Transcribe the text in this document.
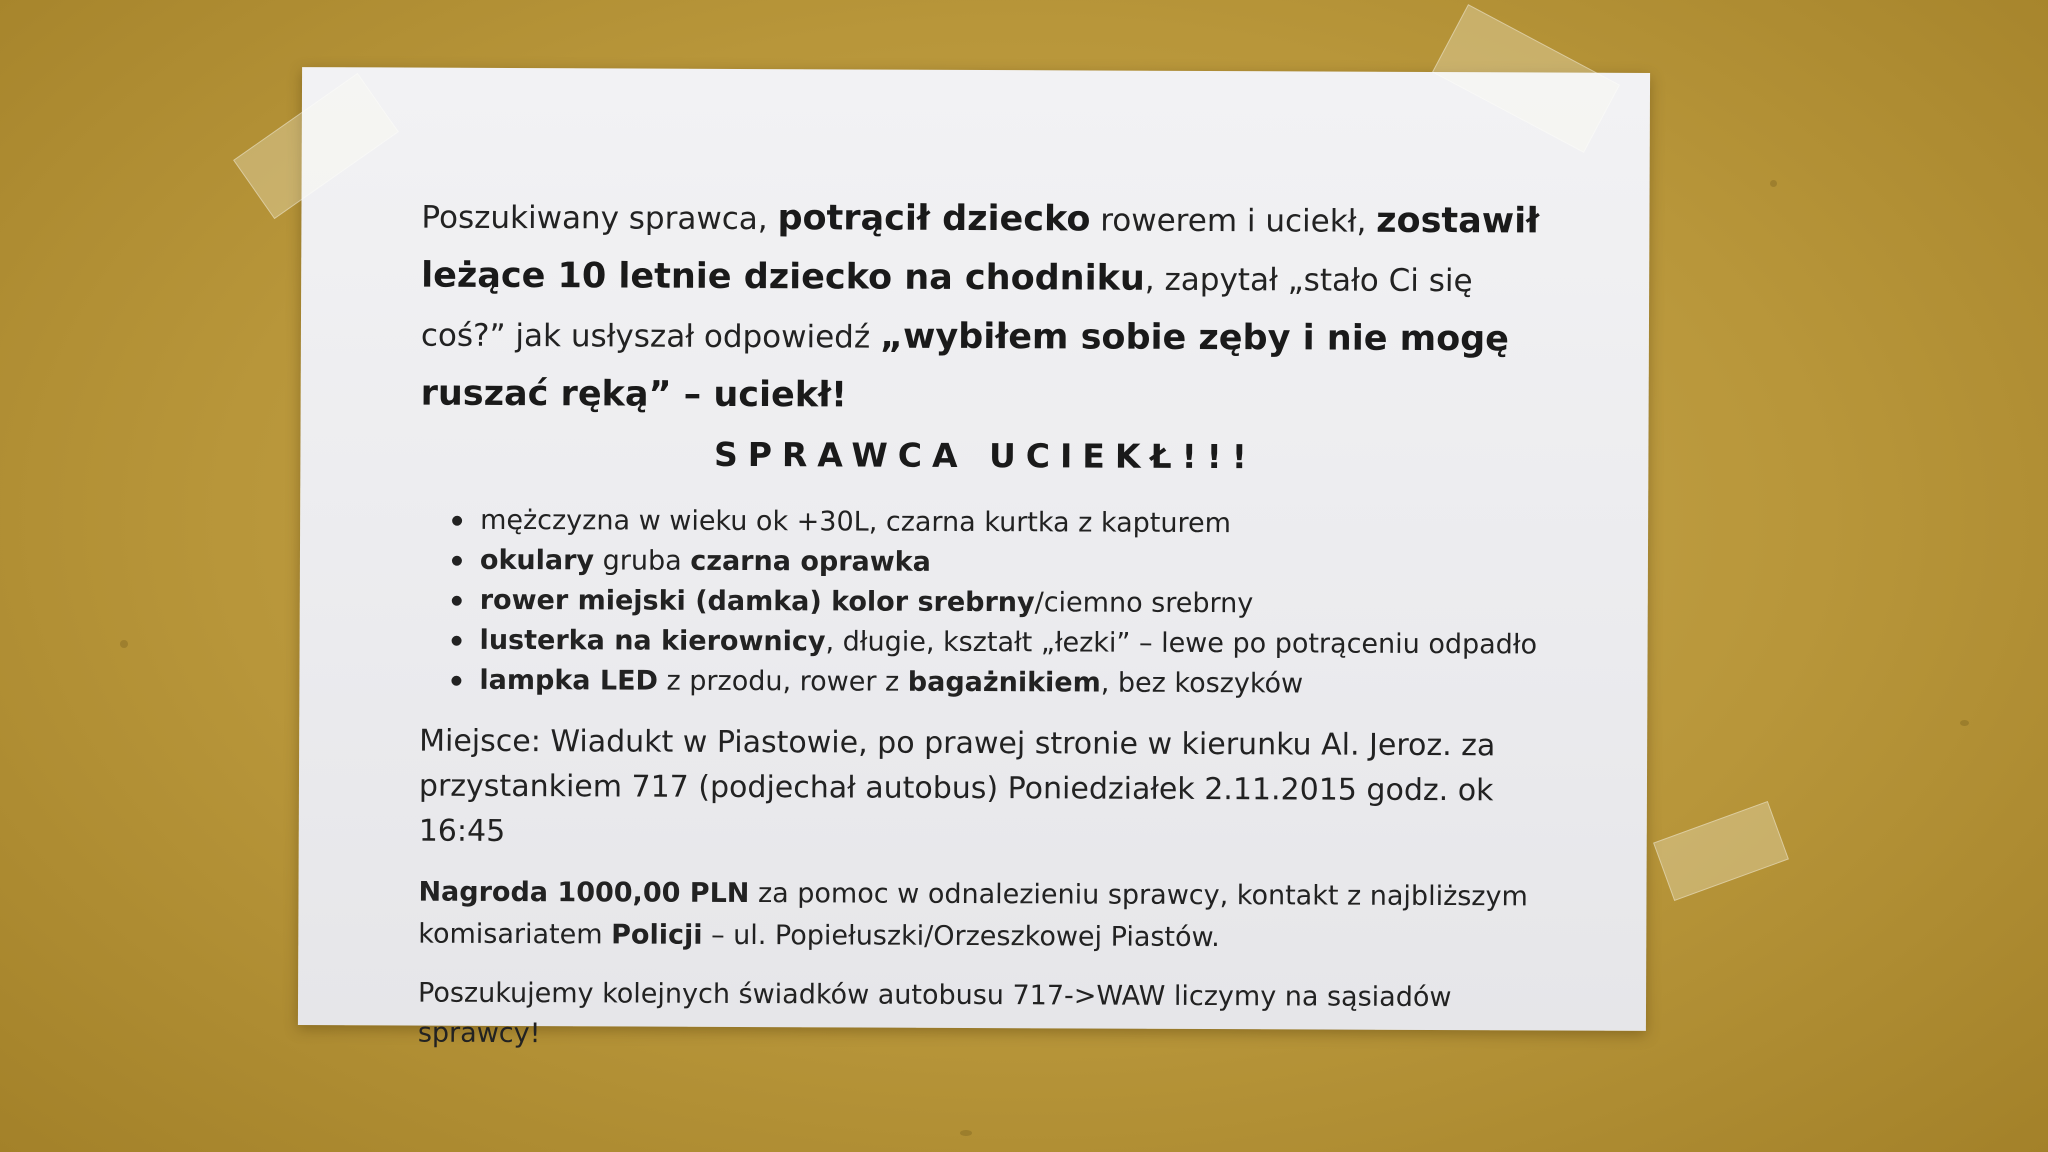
Poszukiwany sprawca, potrącił dziecko rowerem i uciekł, zostawił leżące 10 letnie dziecko na chodniku, zapytał „stało Ci się coś?” jak usłyszał odpowiedź „wybiłem sobie zęby i nie mogę ruszać ręką” – uciekł!
SPRAWCA UCIEKŁ!!!
mężczyzna w wieku ok +30L, czarna kurtka z kapturem
okulary gruba czarna oprawka
rower miejski (damka) kolor srebrny/ciemno srebrny
lusterka na kierownicy, długie, kształt „łezki” – lewe po potrąceniu odpadło
lampka LED z przodu, rower z bagażnikiem, bez koszyków
Miejsce: Wiadukt w Piastowie, po prawej stronie w kierunku Al. Jeroz. za przystankiem 717 (podjechał autobus) Poniedziałek 2.11.2015 godz. ok 16:45
Nagroda 1000,00 PLN za pomoc w odnalezieniu sprawcy, kontakt z najbliższym komisariatem Policji – ul. Popiełuszki/Orzeszkowej Piastów.
Poszukujemy kolejnych świadków autobusu 717->WAW liczymy na sąsiadów sprawcy!
